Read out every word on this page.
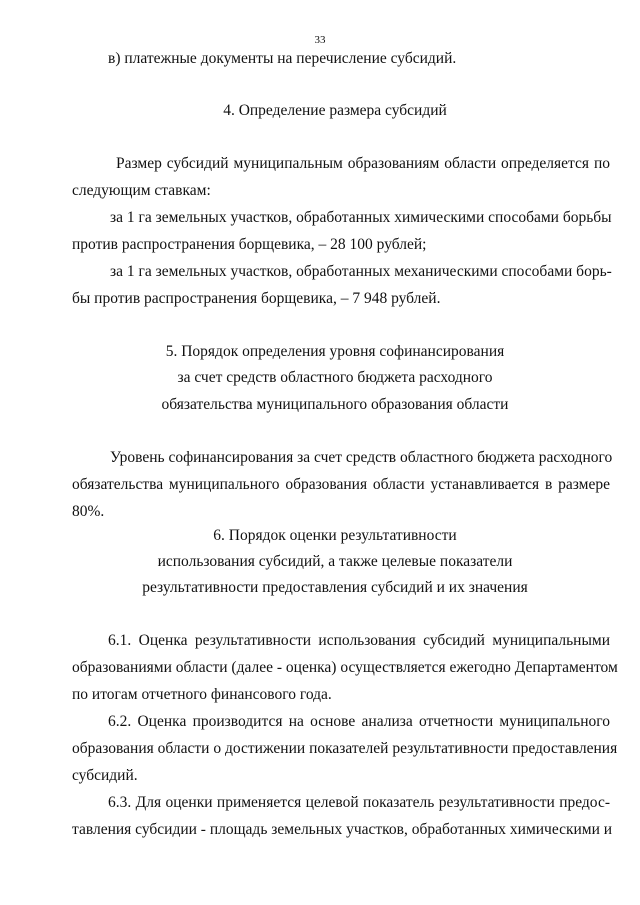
33
в) платежные документы на перечисление субсидий.
4. Определение размера субсидий
Размер субсидий муниципальным образованиям области определяется по
следующим ставкам:
за 1 га земельных участков, обработанных химическими способами борьбы
против распространения борщевика, – 28 100 рублей;
за 1 га земельных участков, обработанных механическими способами борь-
бы против распространения борщевика, – 7 948 рублей.
5. Порядок определения уровня софинансирования
за счет средств областного бюджета расходного
обязательства муниципального образования области
Уровень софинансирования за счет средств областного бюджета расходного
обязательства муниципального образования области устанавливается в размере
80%.
6. Порядок оценки результативности
использования субсидий, а также целевые показатели
результативности предоставления субсидий и их значения
6.1. Оценка результативности использования субсидий муниципальными
образованиями области (далее - оценка) осуществляется ежегодно Департаментом
по итогам отчетного финансового года.
6.2. Оценка производится на основе анализа отчетности муниципального
образования области о достижении показателей результативности предоставления
субсидий.
6.3. Для оценки применяется целевой показатель результативности предос-
тавления субсидии - площадь земельных участков, обработанных химическими и
